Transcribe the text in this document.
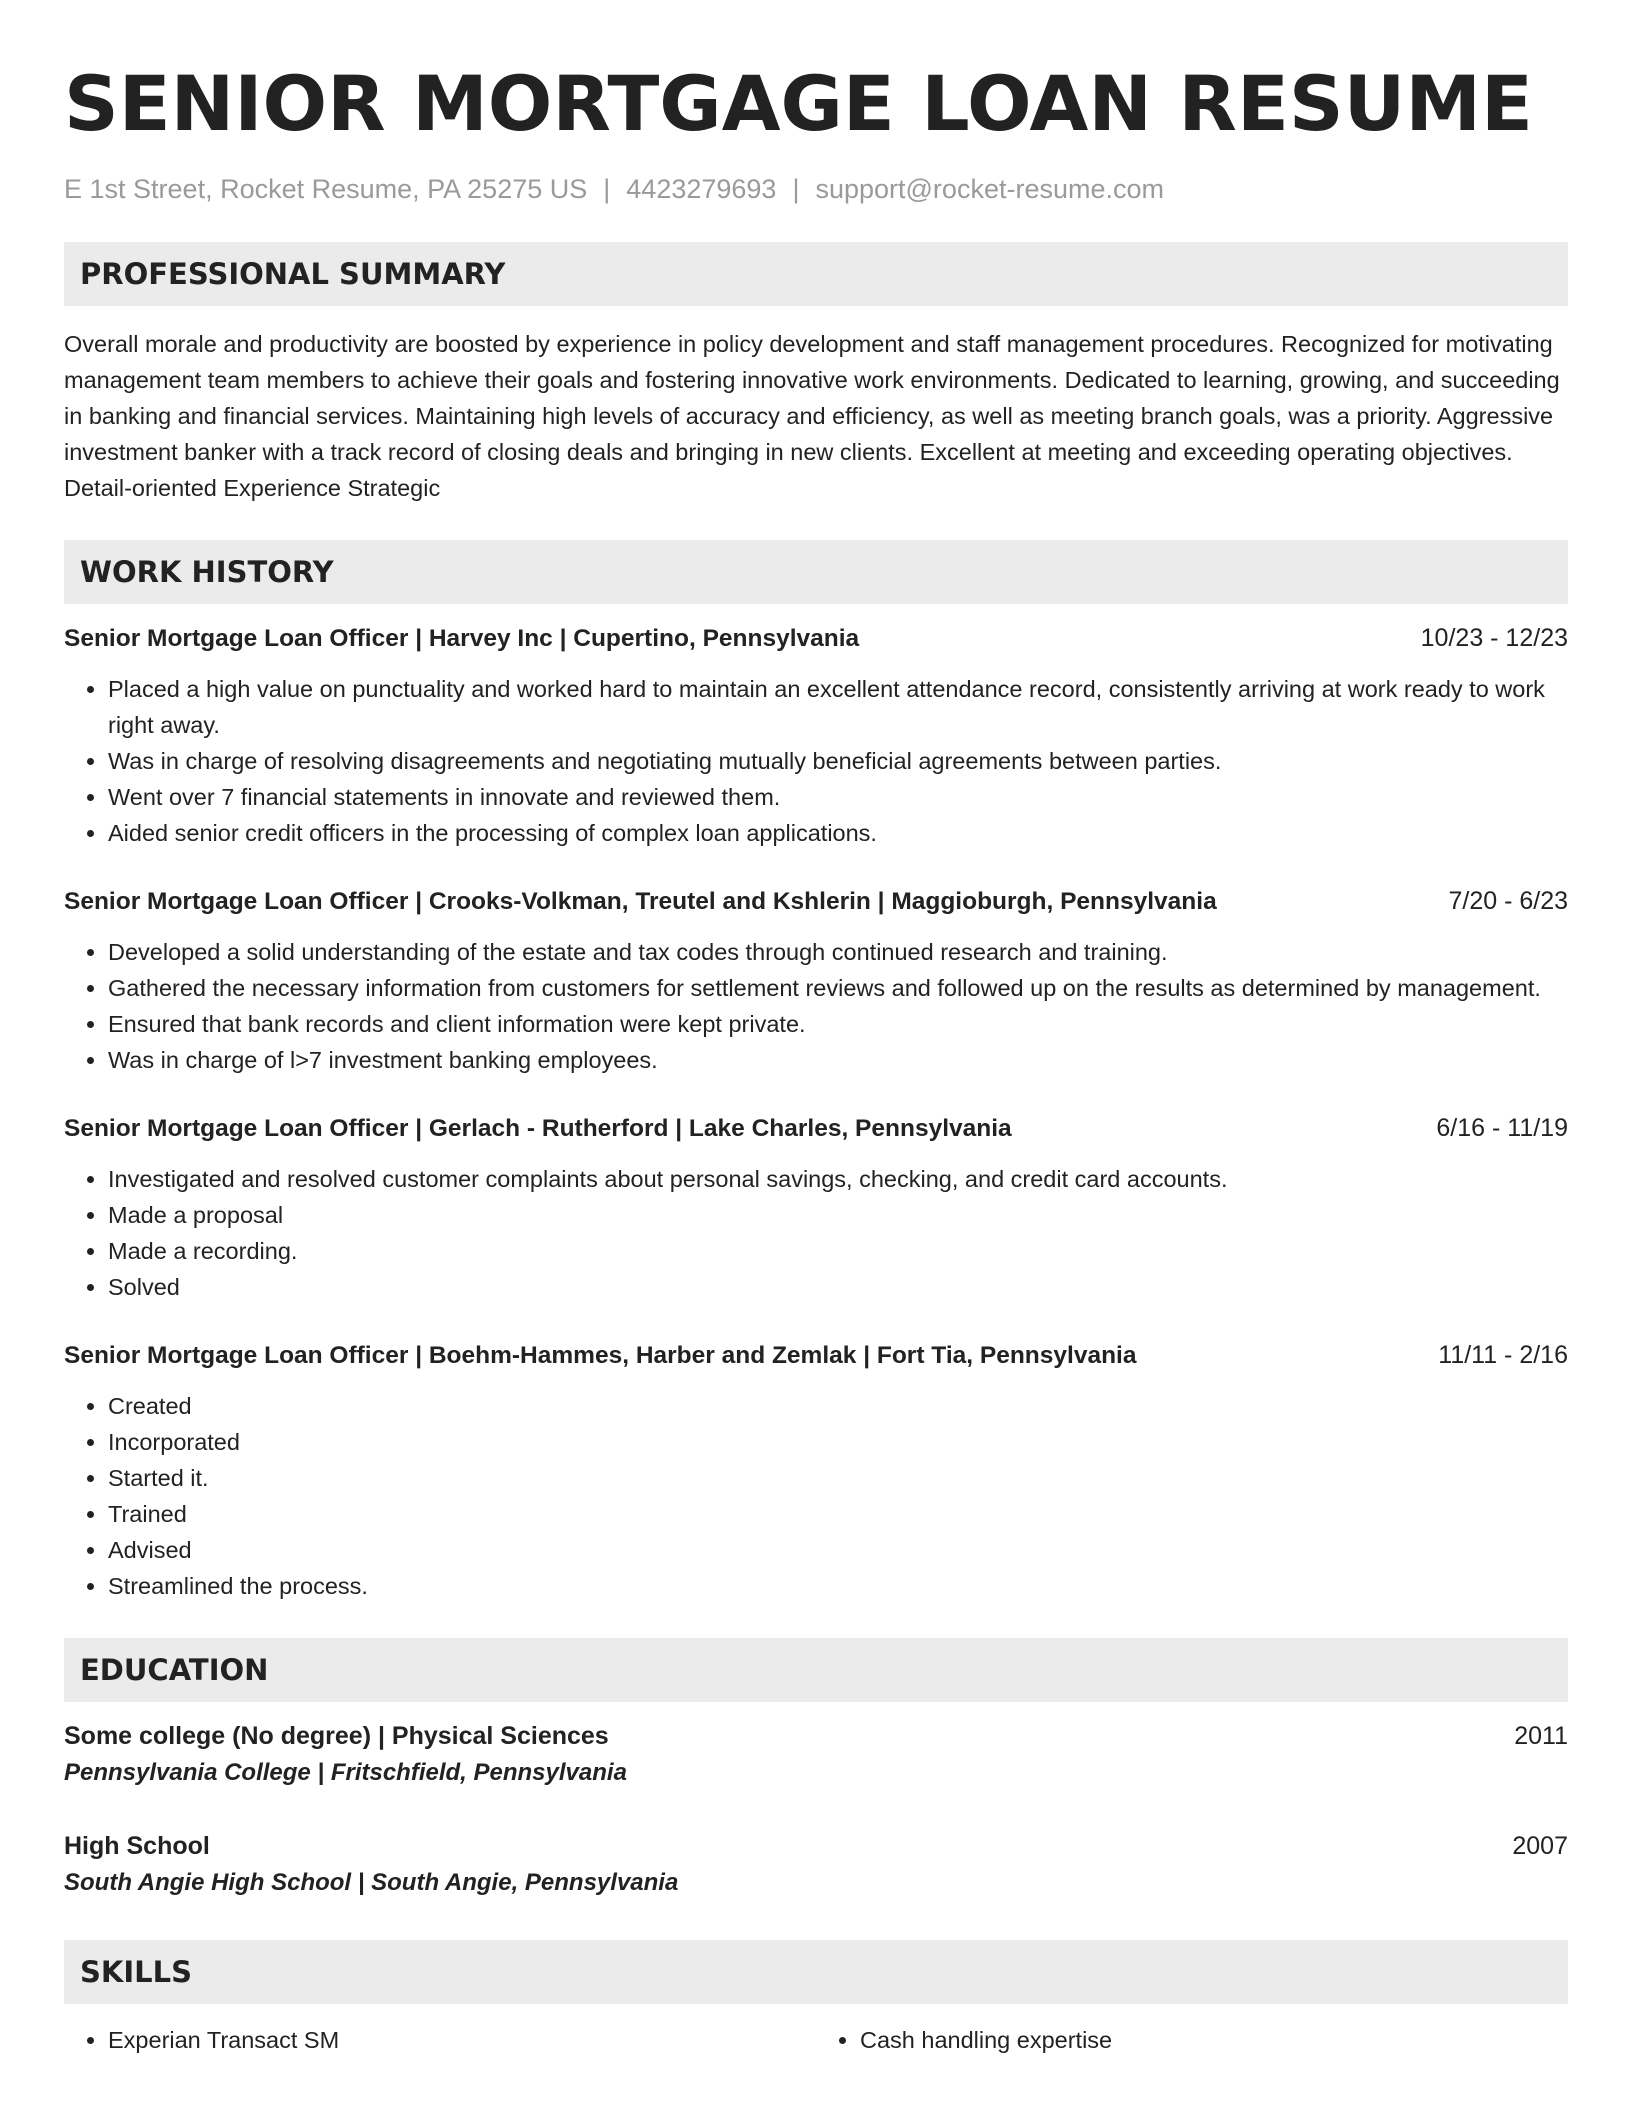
SENIOR MORTGAGE LOAN RESUME
E 1st Street, Rocket Resume, PA 25275 US | 4423279693 | support@rocket-resume.com
PROFESSIONAL SUMMARY
Overall morale and productivity are boosted by experience in policy development and staff management procedures. Recognized for motivating management team members to achieve their goals and fostering innovative work environments. Dedicated to learning, growing, and succeeding in banking and financial services. Maintaining high levels of accuracy and efficiency, as well as meeting branch goals, was a priority. Aggressive investment banker with a track record of closing deals and bringing in new clients. Excellent at meeting and exceeding operating objectives. Detail-oriented Experience Strategic
WORK HISTORY
Senior Mortgage Loan Officer | Harvey Inc | Cupertino, Pennsylvania	10/23 - 12/23
• Placed a high value on punctuality and worked hard to maintain an excellent attendance record, consistently arriving at work ready to work right away.
• Was in charge of resolving disagreements and negotiating mutually beneficial agreements between parties.
• Went over 7 financial statements in innovate and reviewed them.
• Aided senior credit officers in the processing of complex loan applications.
Senior Mortgage Loan Officer | Crooks-Volkman, Treutel and Kshlerin | Maggioburgh, Pennsylvania	7/20 - 6/23
• Developed a solid understanding of the estate and tax codes through continued research and training.
• Gathered the necessary information from customers for settlement reviews and followed up on the results as determined by management.
• Ensured that bank records and client information were kept private.
• Was in charge of l>7 investment banking employees.
Senior Mortgage Loan Officer | Gerlach - Rutherford | Lake Charles, Pennsylvania	6/16 - 11/19
• Investigated and resolved customer complaints about personal savings, checking, and credit card accounts.
• Made a proposal
• Made a recording.
• Solved
Senior Mortgage Loan Officer | Boehm-Hammes, Harber and Zemlak | Fort Tia, Pennsylvania	11/11 - 2/16
• Created
• Incorporated
• Started it.
• Trained
• Advised
• Streamlined the process.
EDUCATION
Some college (No degree) | Physical Sciences	2011
Pennsylvania College | Fritschfield, Pennsylvania
High School	2007
South Angie High School | South Angie, Pennsylvania
SKILLS
• Experian Transact SM
•	Cash handling expertise
